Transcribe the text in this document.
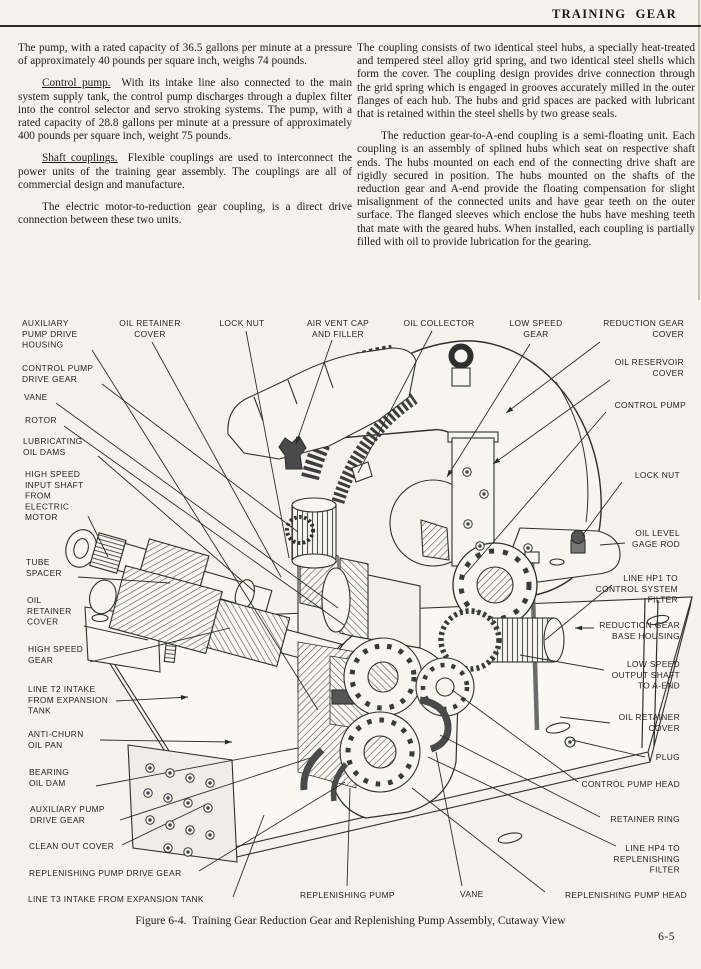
TRAINING GEAR

The pump, with a rated capacity of 36.5 gallons per minute at a pressure of approximately 40 pounds per square inch, weighs 74 pounds.

Control pump.  With its intake line also connected to the main system supply tank, the control pump discharges through a duplex filter into the control selector and servo stroking systems. The pump, with a rated capacity of 28.8 gallons per minute at a pressure of approximately 400 pounds per square inch, weight 75 pounds.

Shaft couplings.  Flexible couplings are used to interconnect the power units of the training gear assembly. The couplings are all of commercial design and manufacture.

The electric motor-to-reduction gear coupling, is a direct drive connection between these two units.

The coupling consists of two identical steel hubs, a specially heat-treated and tempered steel alloy grid spring, and two identical steel shells which form the cover. The coupling design provides drive connection through the grid spring which is engaged in grooves accurately milled in the outer flanges of each hub. The hubs and grid spaces are packed with lubricant that is retained within the steel shells by two grease seals.

The reduction gear-to-A-end coupling is a semi-floating unit. Each coupling is an assembly of splined hubs which seat on respective shaft ends. The hubs mounted on each end of the connecting drive shaft are rigidly secured in position. The hubs mounted on the shafts of the reduction gear and A-end provide the floating compensation for slight misalignment of the connected units and have gear teeth on the outer surface. The flanged sleeves which enclose the hubs have meshing teeth that mate with the geared hubs. When installed, each coupling is partially filled with oil to provide lubrication for the gearing.

AUXILIARY PUMP DRIVE HOUSING
OIL RETAINER COVER
LOCK NUT	AIR VENT CAP AND FILLER
OIL COLLECTOR	LOW SPEED GEAR
REDUCTION GEAR COVER
OIL RESERVOIR COVER
CONTROL PUMP
LOCK NUT
OIL LEVEL GAGE ROD
LINE HP1 TO CONTROL SYSTEM FILTER
REDUCTION GEAR BASE HOUSING
LOW SPEED OUTPUT SHAFT TO A-END
OIL RETAINER COVER
PLUG
CONTROL PUMP HEAD
RETAINER RING
LINE HP4 TO REPLENISHING FILTER
REPLENISHING PUMP HEAD
CONTROL PUMP DRIVE GEAR
VANE
ROTOR
LUBRICATING OIL DAMS
HIGH SPEED INPUT SHAFT FROM ELECTRIC MOTOR
TUBE SPACER
OIL RETAINER COVER
HIGH SPEED GEAR
LINE T2 INTAKE FROM EXPANSION TANK
ANTI-CHURN OIL PAN
BEARING OIL DAM
AUXILIARY PUMP DRIVE GEAR
CLEAN OUT COVER
REPLENISHING PUMP DRIVE GEAR
LINE T3 INTAKE FROM EXPANSION TANK	REPLENISHING PUMP	VANE
Figure 6-4.  Training Gear Reduction Gear and Replenishing Pump Assembly, Cutaway View
6-5
